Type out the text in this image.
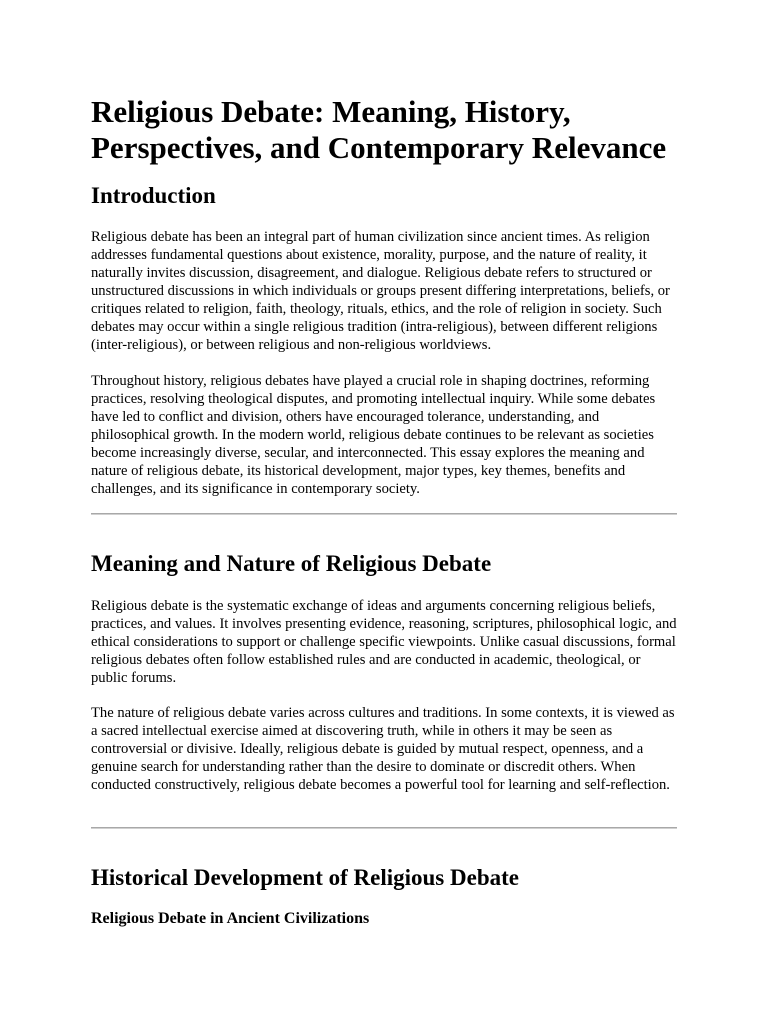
Religious Debate: Meaning, History, Perspectives, and Contemporary Relevance
Introduction

Religious debate has been an integral part of human civilization since ancient times. As religion addresses fundamental questions about existence, morality, purpose, and the nature of reality, it naturally invites discussion, disagreement, and dialogue. Religious debate refers to structured or unstructured discussions in which individuals or groups present differing interpretations, beliefs, or critiques related to religion, faith, theology, rituals, ethics, and the role of religion in society. Such debates may occur within a single religious tradition (intra-religious), between different religions (inter-religious), or between religious and non-religious worldviews.

Throughout history, religious debates have played a crucial role in shaping doctrines, reforming practices, resolving theological disputes, and promoting intellectual inquiry. While some debates have led to conflict and division, others have encouraged tolerance, understanding, and philosophical growth. In the modern world, religious debate continues to be relevant as societies become increasingly diverse, secular, and interconnected. This essay explores the meaning and nature of religious debate, its historical development, major types, key themes, benefits and challenges, and its significance in contemporary society.

Meaning and Nature of Religious Debate

Religious debate is the systematic exchange of ideas and arguments concerning religious beliefs, practices, and values. It involves presenting evidence, reasoning, scriptures, philosophical logic, and ethical considerations to support or challenge specific viewpoints. Unlike casual discussions, formal religious debates often follow established rules and are conducted in academic, theological, or public forums.

The nature of religious debate varies across cultures and traditions. In some contexts, it is viewed as a sacred intellectual exercise aimed at discovering truth, while in others it may be seen as controversial or divisive. Ideally, religious debate is guided by mutual respect, openness, and a genuine search for understanding rather than the desire to dominate or discredit others. When conducted constructively, religious debate becomes a powerful tool for learning and self-reflection.

Historical Development of Religious Debate
Religious Debate in Ancient Civilizations
